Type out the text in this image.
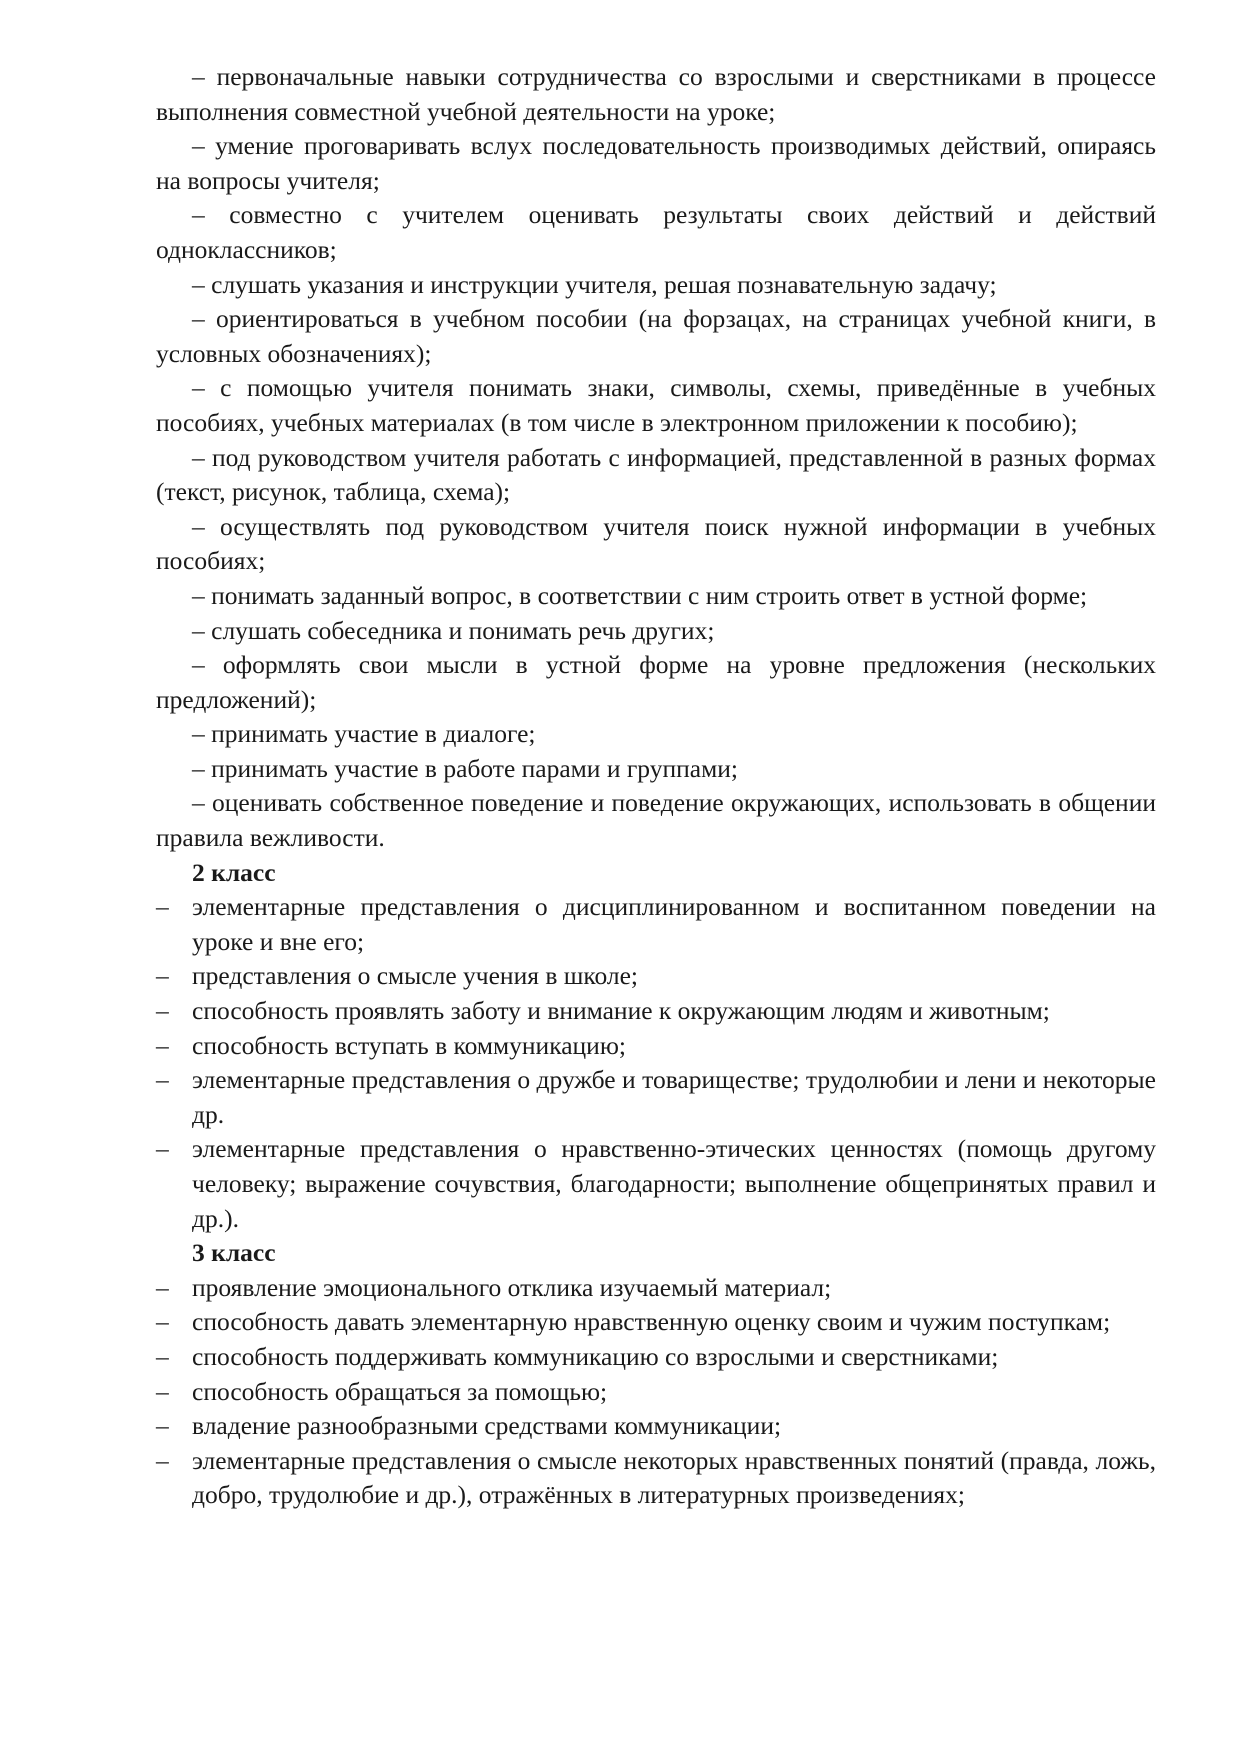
– первоначальные навыки сотрудничества со взрослыми и сверстниками в процессе выполнения совместной учебной деятельности на уроке;

– умение проговаривать вслух последовательность производимых действий, опираясь на вопросы учителя;

– совместно с учителем оценивать результаты своих действий и действий одноклассников;

– слушать указания и инструкции учителя, решая познавательную задачу;

– ориентироваться в учебном пособии (на форзацах, на страницах учебной книги, в условных обозначениях);

– с помощью учителя понимать знаки, символы, схемы, приведённые в учебных пособиях, учебных материалах (в том числе в электронном приложении к пособию);

– под руководством учителя работать с информацией, представленной в разных формах (текст, рисунок, таблица, схема);

– осуществлять под руководством учителя поиск нужной информации в учебных пособиях;

– понимать заданный вопрос, в соответствии с ним строить ответ в устной форме;

– слушать собеседника и понимать речь других;

– оформлять свои мысли в устной форме на уровне предложения (нескольких предложений);

– принимать участие в диалоге;

– принимать участие в работе парами и группами;

– оценивать собственное поведение и поведение окружающих, использовать в общении правила вежливости.

2 класс

– элементарные представления о дисциплинированном и воспитанном поведении на уроке и вне его;

– представления о смысле учения в школе;

– способность проявлять заботу и внимание к окружающим людям и животным;

– способность вступать в коммуникацию;

– элементарные представления о дружбе и товариществе; трудолюбии и лени и некоторые др.

– элементарные представления о нравственно-этических ценностях (помощь другому человеку; выражение сочувствия, благодарности; выполнение общепринятых правил и др.).

3 класс

– проявление эмоционального отклика изучаемый материал;

– способность давать элементарную нравственную оценку своим и чужим поступкам;

– способность поддерживать коммуникацию со взрослыми и сверстниками;

– способность обращаться за помощью;

– владение разнообразными средствами коммуникации;

– элементарные представления о смысле некоторых нравственных понятий (правда, ложь, добро, трудолюбие и др.), отражённых в литературных произведениях;
